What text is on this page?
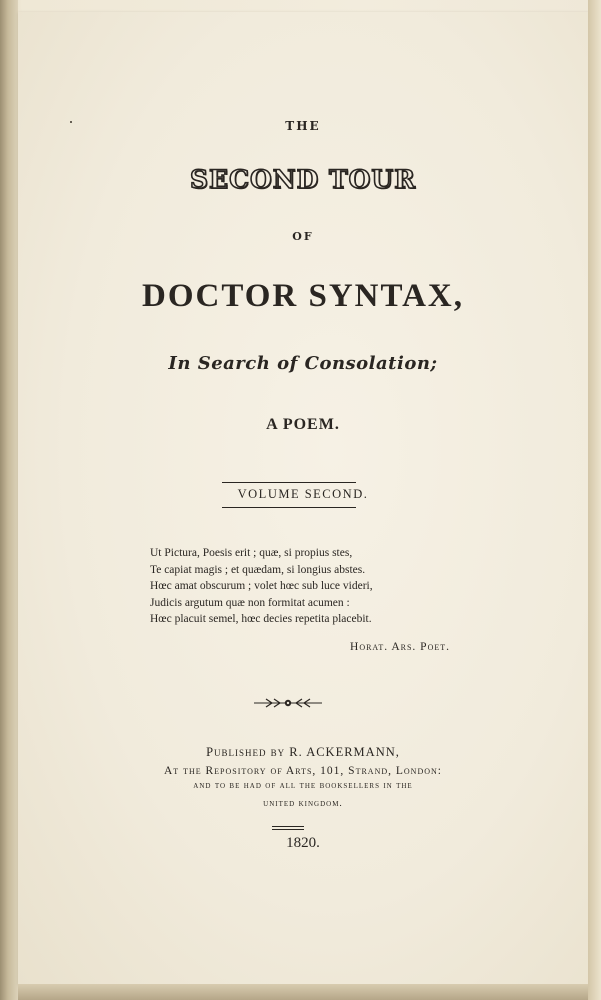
THE

SECOND TOUR

OF

DOCTOR SYNTAX,

In Search of Consolation;

A POEM.

VOLUME SECOND.

Ut Pictura, Poesis erit ; quæ, si propius stes,
Te capiat magis ; et quædam, si longius abstes.
Hœc amat obscurum ; volet hœc sub luce videri,
Judicis argutum quæ non formitat acumen :
Hœc placuit semel, hœc decies repetita placebit.
Horat. Ars. Poet.

Published by R. ACKERMANN,

At the Repository of Arts, 101, Strand, London:

and to be had of all the booksellers in the

united kingdom.

1820.
